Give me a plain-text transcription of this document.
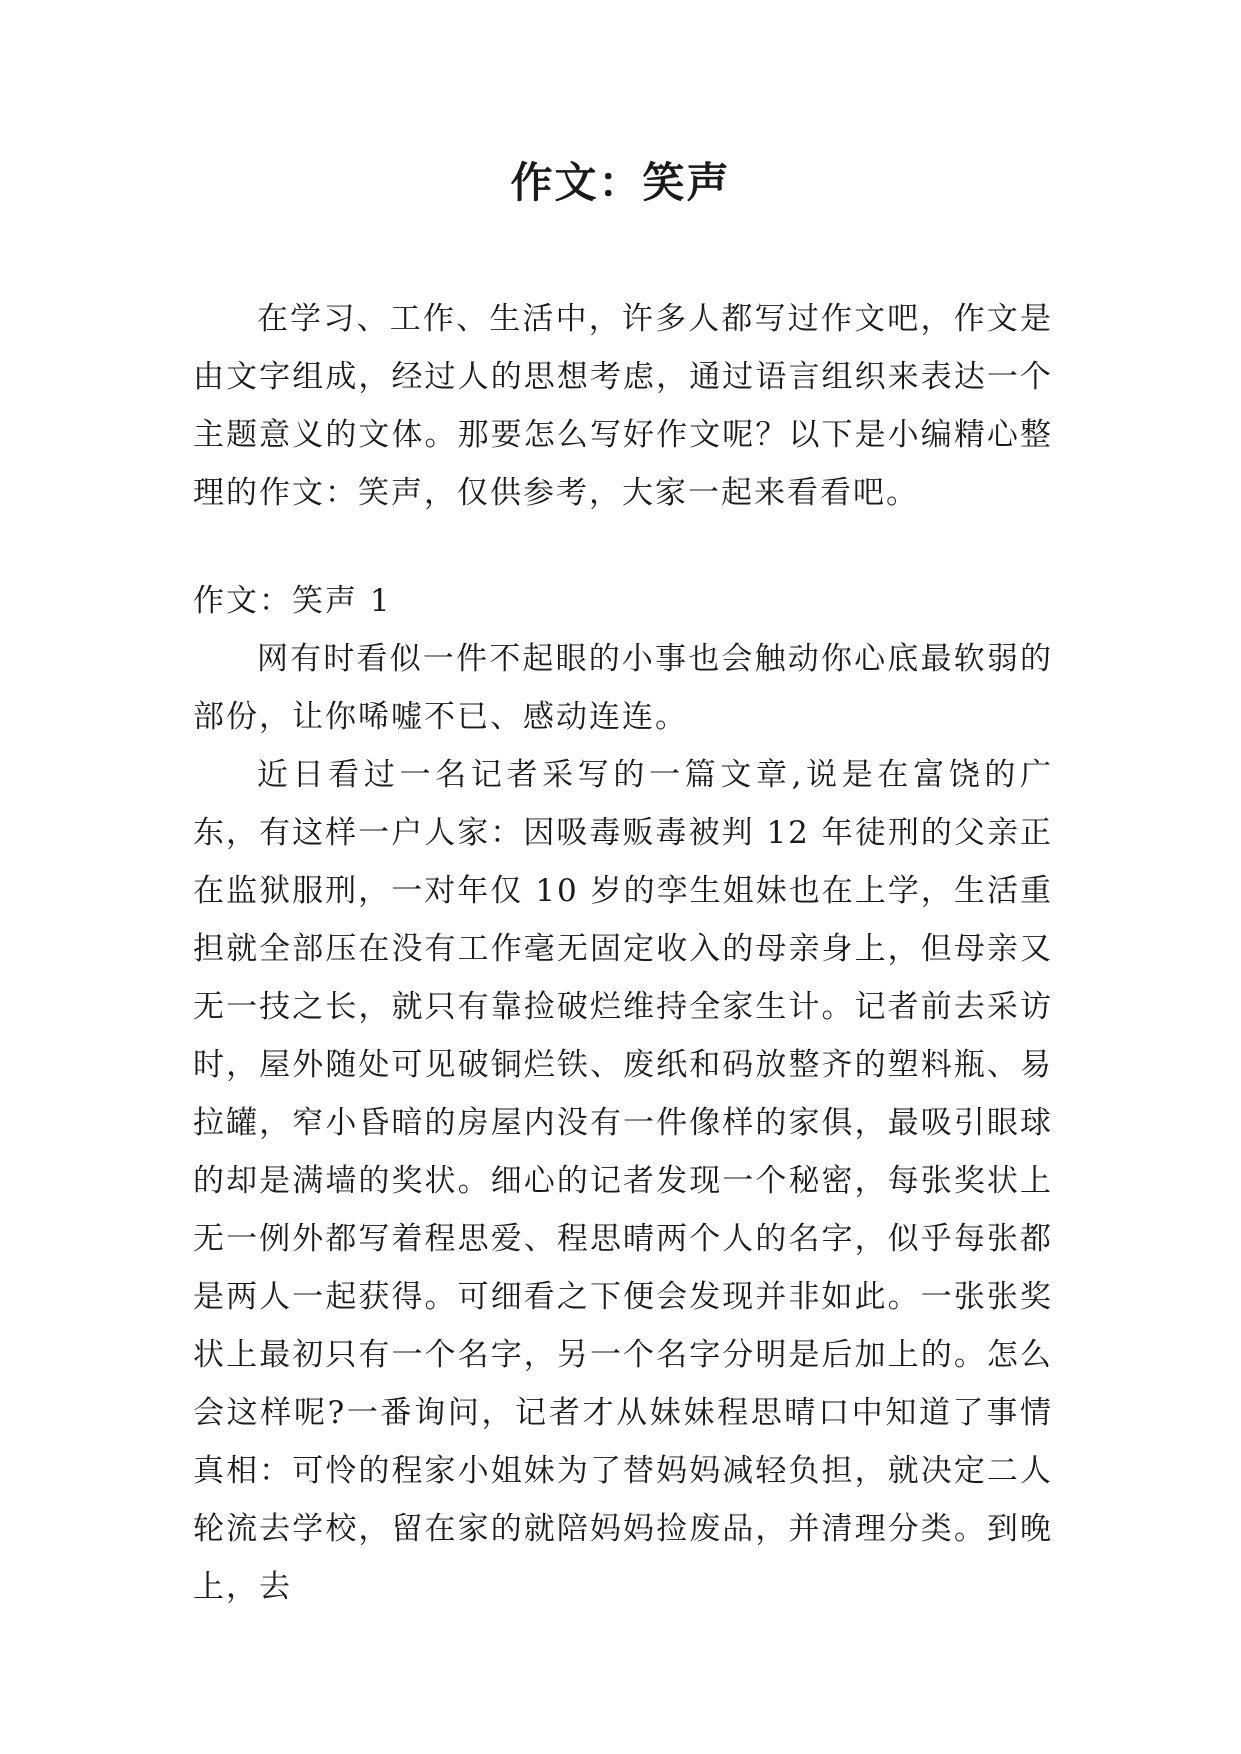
作文：笑声

在学习、工作、生活中，许多人都写过作文吧，作文是由文字组成，经过人的思想考虑，通过语言组织来表达一个主题意义的文体。那要怎么写好作文呢？以下是小编精心整理的作文：笑声，仅供参考，大家一起来看看吧。

作文：笑声 1

网有时看似一件不起眼的小事也会触动你心底最软弱的部份，让你唏嘘不已、感动连连。

近日看过一名记者采写的一篇文章,说是在富饶的广东，有这样一户人家：因吸毒贩毒被判 12 年徒刑的父亲正在监狱服刑，一对年仅 10 岁的孪生姐妹也在上学，生活重担就全部压在没有工作毫无固定收入的母亲身上，但母亲又无一技之长，就只有靠捡破烂维持全家生计。记者前去采访时，屋外随处可见破铜烂铁、废纸和码放整齐的塑料瓶、易拉罐，窄小昏暗的房屋内没有一件像样的家俱，最吸引眼球的却是满墙的奖状。细心的记者发现一个秘密，每张奖状上无一例外都写着程思爱、程思晴两个人的名字，似乎每张都是两人一起获得。可细看之下便会发现并非如此。一张张奖状上最初只有一个名字，另一个名字分明是后加上的。怎么会这样呢?一番询问，记者才从妹妹程思晴口中知道了事情真相：可怜的程家小姐妹为了替妈妈减轻负担，就决定二人轮流去学校，留在家的就陪妈妈捡废品，并清理分类。到晚上，去
